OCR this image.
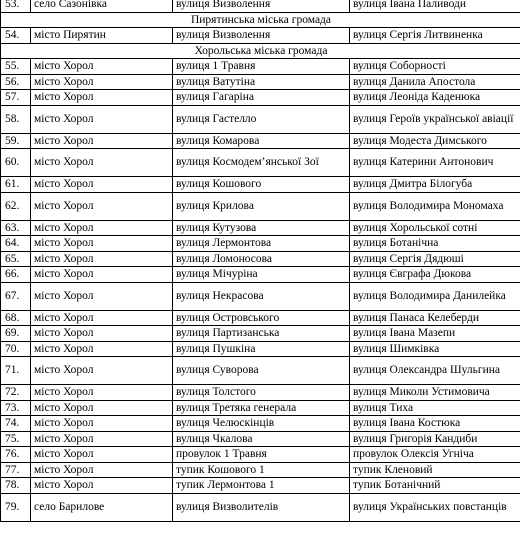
53.	село Сазонівка	вулиця Визволення	вулиця Івана Паливоди
Пирятинська міська громада			
54.	місто Пирятин	вулиця Визволення	вулиця Сергія Литвиненка
Хорольська міська громада			
55.	місто Хорол	вулиця 1 Травня	вулиця Соборності
56.	місто Хорол	вулиця Ватутіна	вулиця Данила Апостола
57.	місто Хорол	вулиця Гагаріна	вулиця Леоніда Каденюка
58.	місто Хорол	вулиця Гастелло	вулиця Героїв української авіації
59.	місто Хорол	вулиця Комарова	вулиця Модеста Димського
60.	місто Хорол	вулиця Космодем’янської Зої	вулиця Катерини Антонович
61.	місто Хорол	вулиця Кошового	вулиця Дмитра Білогуба
62.	місто Хорол	вулиця Крилова	вулиця Володимира Мономаха
63.	місто Хорол	вулиця Кутузова	вулиця Хорольської сотні
64.	місто Хорол	вулиця Лермонтова	вулиця Ботанічна
65.	місто Хорол	вулиця Ломоносова	вулиця Сергія Дядюші
66.	місто Хорол	вулиця Мічуріна	вулиця Євграфа Дюкова
67.	місто Хорол	вулиця Некрасова	вулиця Володимира Данилейка
68.	місто Хорол	вулиця Островського	вулиця Панаса Келеберди
69.	місто Хорол	вулиця Партизанська	вулиця Івана Мазепи
70.	місто Хорол	вулиця Пушкіна	вулиця Шимківка
71.	місто Хорол	вулиця Суворова	вулиця Олександра Шульгина
72.	місто Хорол	вулиця Толстого	вулиця Миколи Устимовича
73.	місто Хорол	вулиця Третяка генерала	вулиця Тиха
74.	місто Хорол	вулиця Челюскінців	вулиця Івана Костюка
75.	місто Хорол	вулиця Чкалова	вулиця Григорія Кандиби
76.	місто Хорол	провулок 1 Травня	провулок Олексія Угнiча
77.	місто Хорол	тупик Кошового 1	тупик Кленовий
78.	місто Хорол	тупик Лермонтова 1	тупик Ботанічний
79.	село Барилове	вулиця Визволителів	вулиця Українських повстанців
